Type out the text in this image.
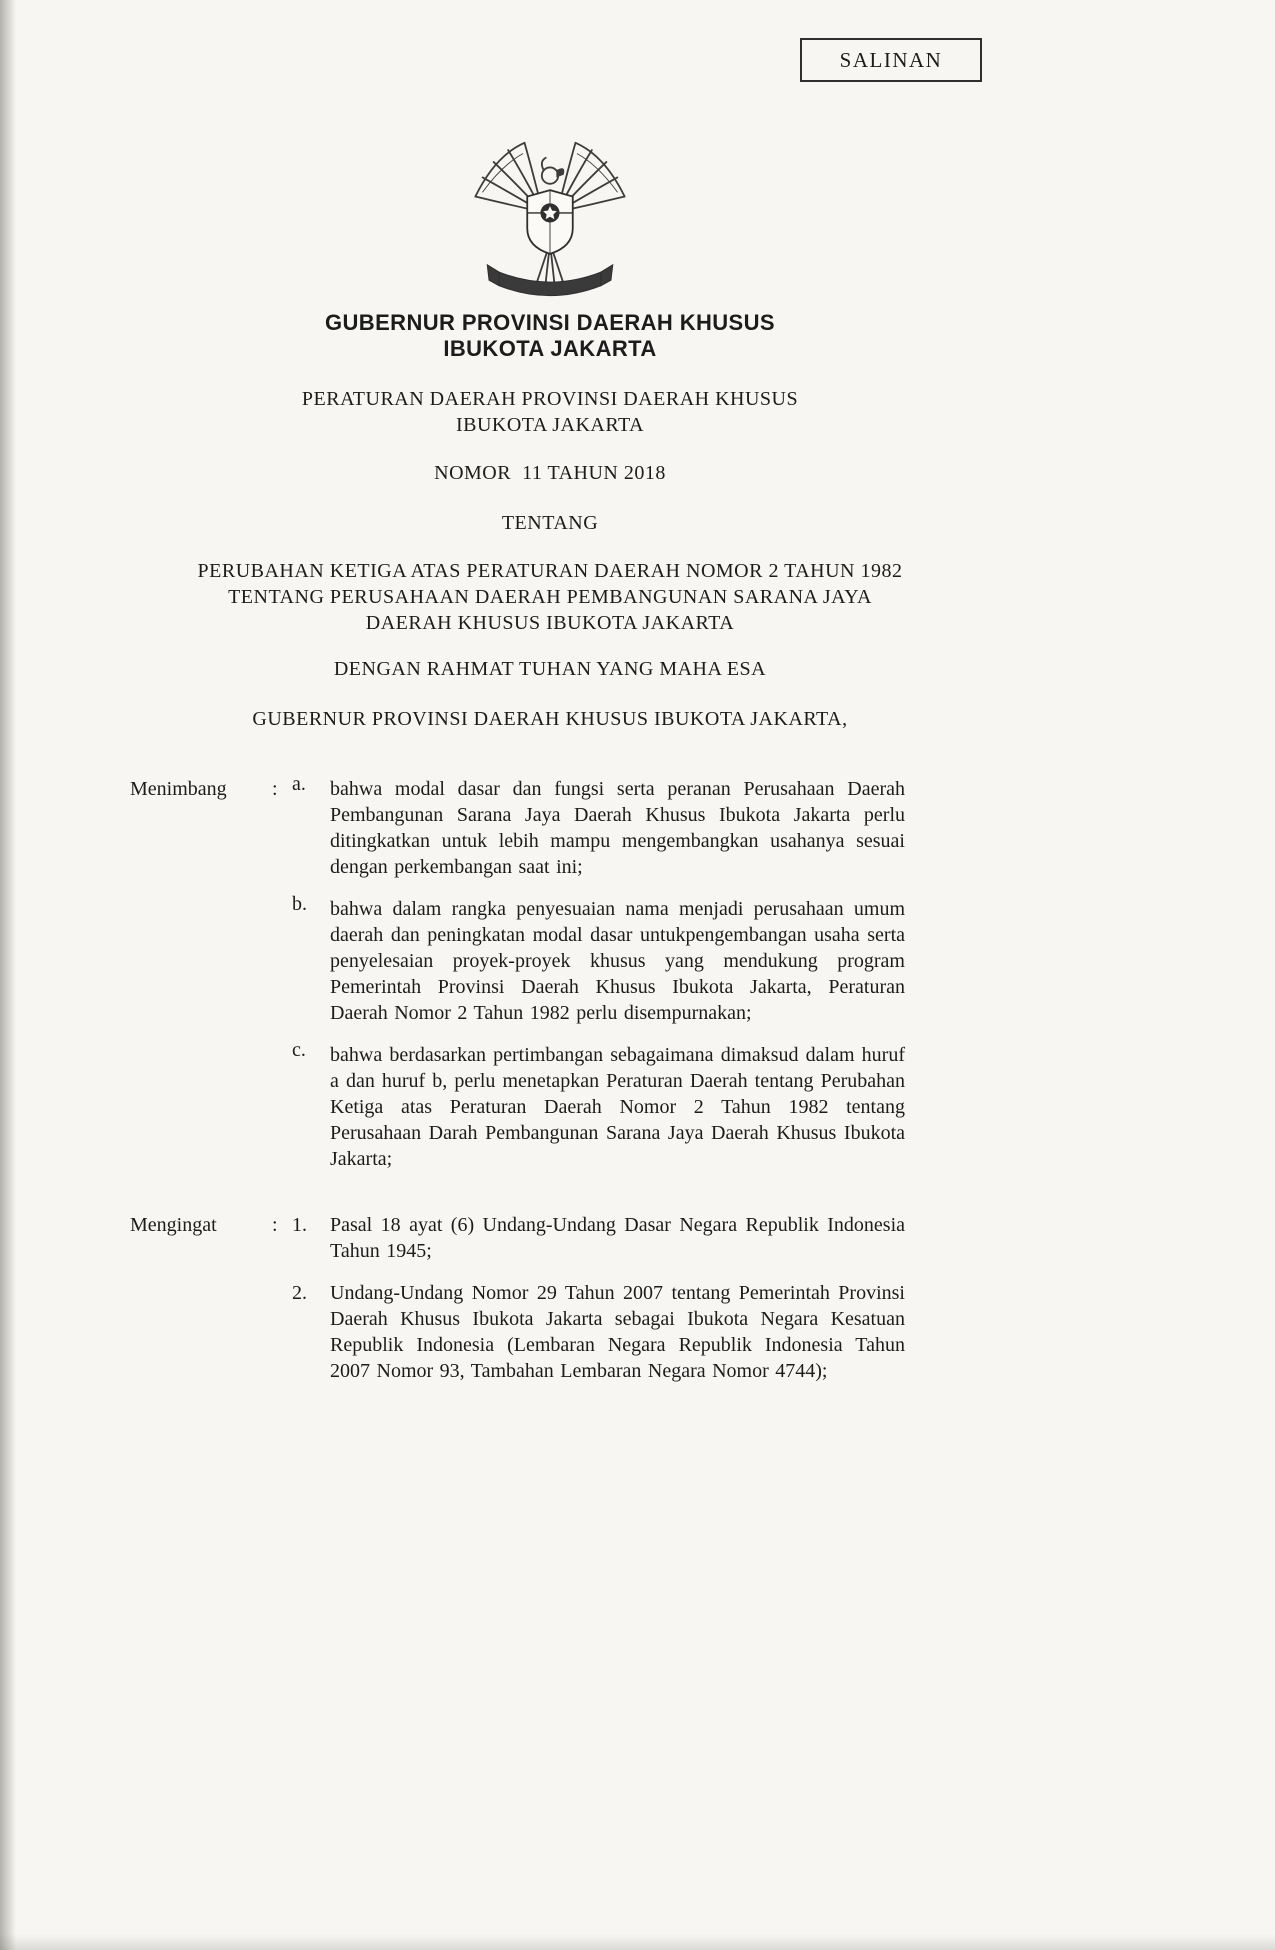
SALINAN
GUBERNUR PROVINSI DAERAH KHUSUS
IBUKOTA JAKARTA
PERATURAN DAERAH PROVINSI DAERAH KHUSUS
IBUKOTA JAKARTA
NOMOR  11 TAHUN 2018
TENTANG
PERUBAHAN KETIGA ATAS PERATURAN DAERAH NOMOR 2 TAHUN 1982
TENTANG PERUSAHAAN DAERAH PEMBANGUNAN SARANA JAYA
DAERAH KHUSUS IBUKOTA JAKARTA
DENGAN RAHMAT TUHAN YANG MAHA ESA
GUBERNUR PROVINSI DAERAH KHUSUS IBUKOTA JAKARTA,
Menimbang	: a.	bahwa modal dasar dan fungsi serta peranan Perusahaan Daerah Pembangunan Sarana Jaya Daerah Khusus Ibukota Jakarta perlu ditingkatkan untuk lebih mampu mengembangkan usahanya sesuai dengan perkembangan saat ini;
b.	bahwa dalam rangka penyesuaian nama menjadi perusahaan umum daerah dan peningkatan modal dasar untukpengembangan usaha serta penyelesaian proyek-proyek khusus yang mendukung program Pemerintah Provinsi Daerah Khusus Ibukota Jakarta, Peraturan Daerah Nomor 2 Tahun 1982 perlu disempurnakan;
c.	bahwa berdasarkan pertimbangan sebagaimana dimaksud dalam huruf a dan huruf b, perlu menetapkan Peraturan Daerah tentang Perubahan Ketiga atas Peraturan Daerah Nomor 2 Tahun 1982 tentang Perusahaan Darah Pembangunan Sarana Jaya Daerah Khusus Ibukota Jakarta;
Mengingat	: 1.	Pasal 18 ayat (6) Undang-Undang Dasar Negara Republik Indonesia Tahun 1945;
2.	Undang-Undang Nomor 29 Tahun 2007 tentang Pemerintah Provinsi Daerah Khusus Ibukota Jakarta sebagai Ibukota Negara Kesatuan Republik Indonesia (Lembaran Negara Republik Indonesia Tahun 2007 Nomor 93, Tambahan Lembaran Negara Nomor 4744);
